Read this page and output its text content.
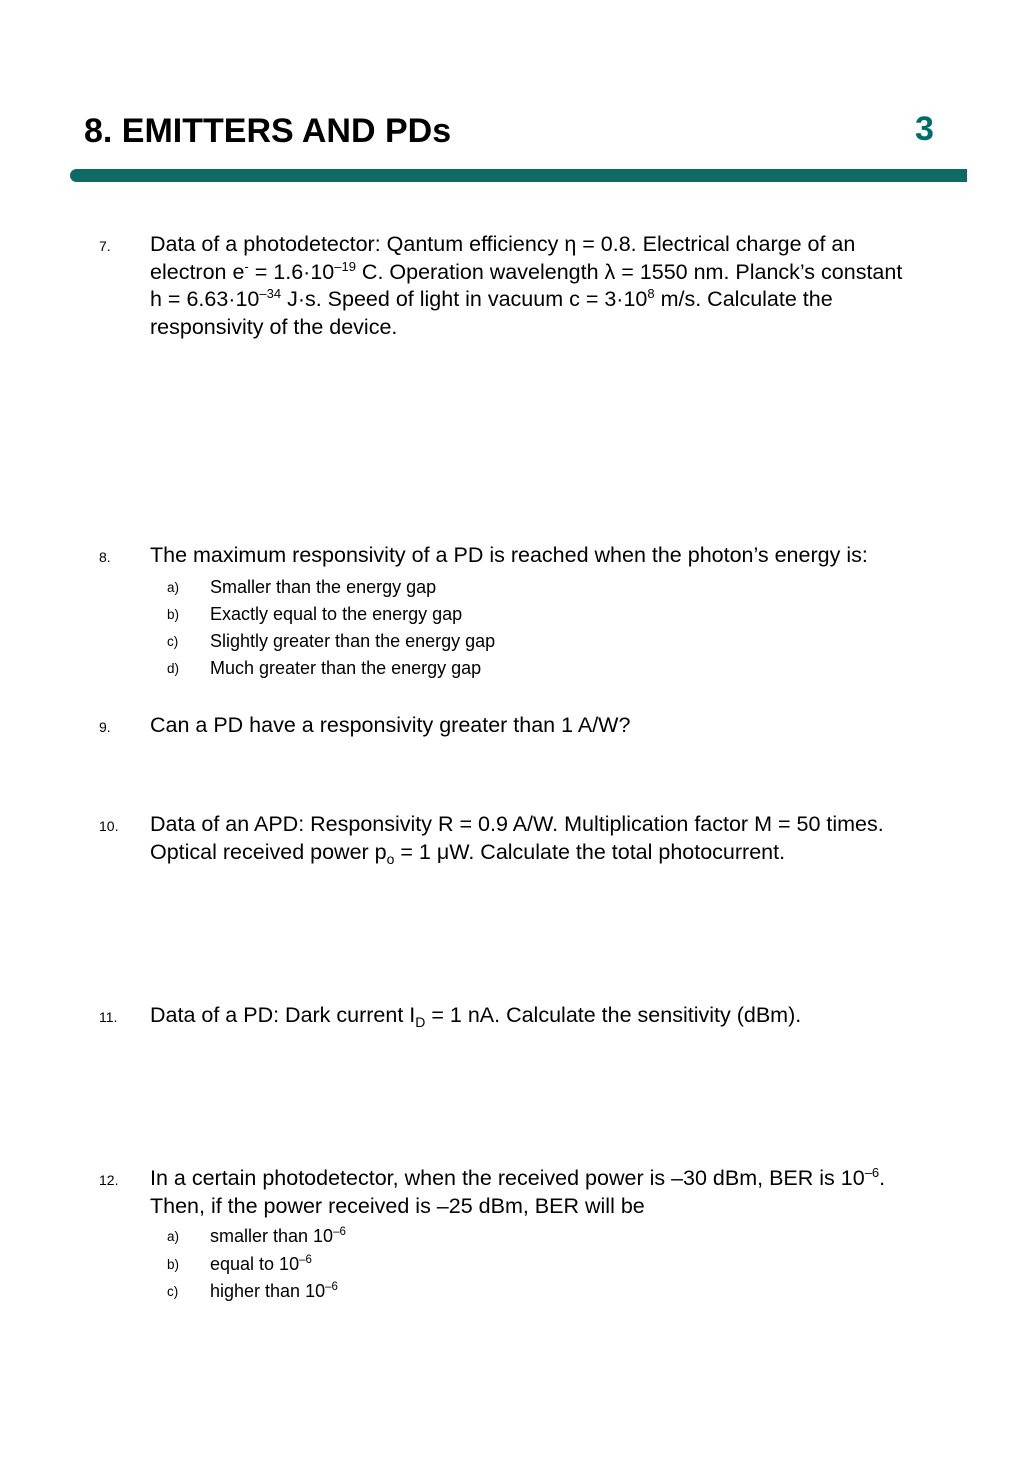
8. EMITTERS AND PDs	3
7. Data of a photodetector: Qantum efficiency η = 0.8. Electrical charge of an
electron $e^- = 1.6\cdot 10^{-19}$ C. Operation wavelength λ = 1550 nm. Planck’s constant
$h = 6.63\cdot 10^{-34}$ J·s. Speed of light in vacuum $c = 3\cdot 10^8$ m/s. Calculate the
responsivity of the device.
8. The maximum responsivity of a PD is reached when the photon’s energy is:
a) Smaller than the energy gap
b) Exactly equal to the energy gap
c) Slightly greater than the energy gap
d) Much greater than the energy gap
9. Can a PD have a responsivity greater than 1 A/W?
10. Data of an APD: Responsivity R = 0.9 A/W. Multiplication factor M = 50 times.
Optical received power $p_o = 1$ μW. Calculate the total photocurrent.
11. Data of a PD: Dark current $I_D = 1$ nA. Calculate the sensitivity (dBm).
12. In a certain photodetector, when the received power is –30 dBm, BER is $10^{-6}$.
Then, if the power received is –25 dBm, BER will be
a) smaller than $10^{-6}$
b) equal to $10^{-6}$
c) higher than $10^{-6}$
